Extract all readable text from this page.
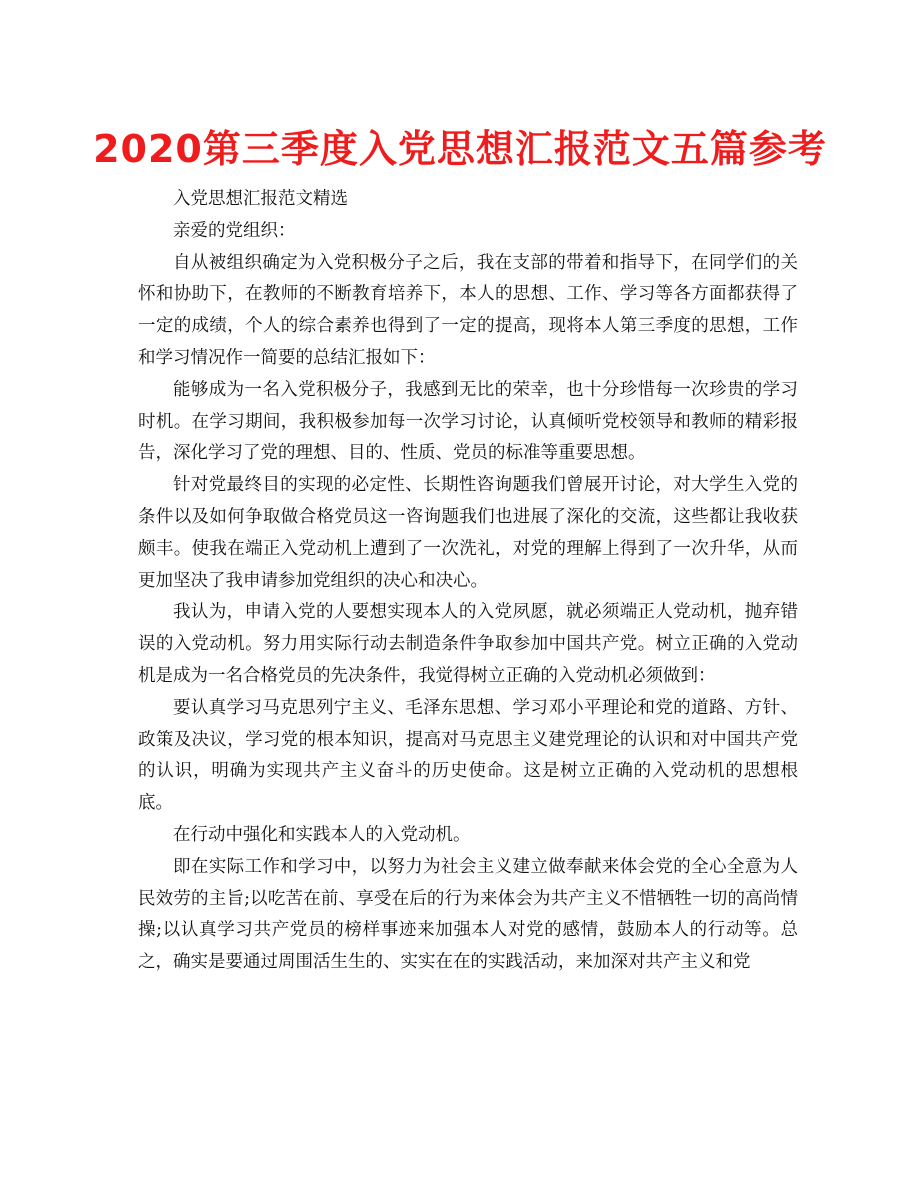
2020第三季度入党思想汇报范文五篇参考

入党思想汇报范文精选

亲爱的党组织：

自从被组织确定为入党积极分子之后，我在支部的带着和指导下，在同学们的关怀和协助下，在教师的不断教育培养下，本人的思想、工作、学习等各方面都获得了一定的成绩，个人的综合素养也得到了一定的提高，现将本人第三季度的思想，工作和学习情况作一简要的总结汇报如下：

能够成为一名入党积极分子，我感到无比的荣幸，也十分珍惜每一次珍贵的学习时机。在学习期间，我积极参加每一次学习讨论，认真倾听党校领导和教师的精彩报告，深化学习了党的理想、目的、性质、党员的标准等重要思想。

针对党最终目的实现的必定性、长期性咨询题我们曾展开讨论，对大学生入党的条件以及如何争取做合格党员这一咨询题我们也进展了深化的交流，这些都让我收获颇丰。使我在端正入党动机上遭到了一次洗礼，对党的理解上得到了一次升华，从而更加坚决了我申请参加党组织的决心和决心。

我认为，申请入党的人要想实现本人的入党夙愿，就必须端正人党动机，抛弃错误的入党动机。努力用实际行动去制造条件争取参加中国共产党。树立正确的入党动机是成为一名合格党员的先决条件，我觉得树立正确的入党动机必须做到：

要认真学习马克思列宁主义、毛泽东思想、学习邓小平理论和党的道路、方针、政策及决议，学习党的根本知识，提高对马克思主义建党理论的认识和对中国共产党的认识，明确为实现共产主义奋斗的历史使命。这是树立正确的入党动机的思想根底。

在行动中强化和实践本人的入党动机。

即在实际工作和学习中，以努力为社会主义建立做奉献来体会党的全心全意为人民效劳的主旨;以吃苦在前、享受在后的行为来体会为共产主义不惜牺牲一切的高尚情操;以认真学习共产党员的榜样事迹来加强本人对党的感情，鼓励本人的行动等。总之，确实是要通过周围活生生的、实实在在的实践活动，来加深对共产主义和党
